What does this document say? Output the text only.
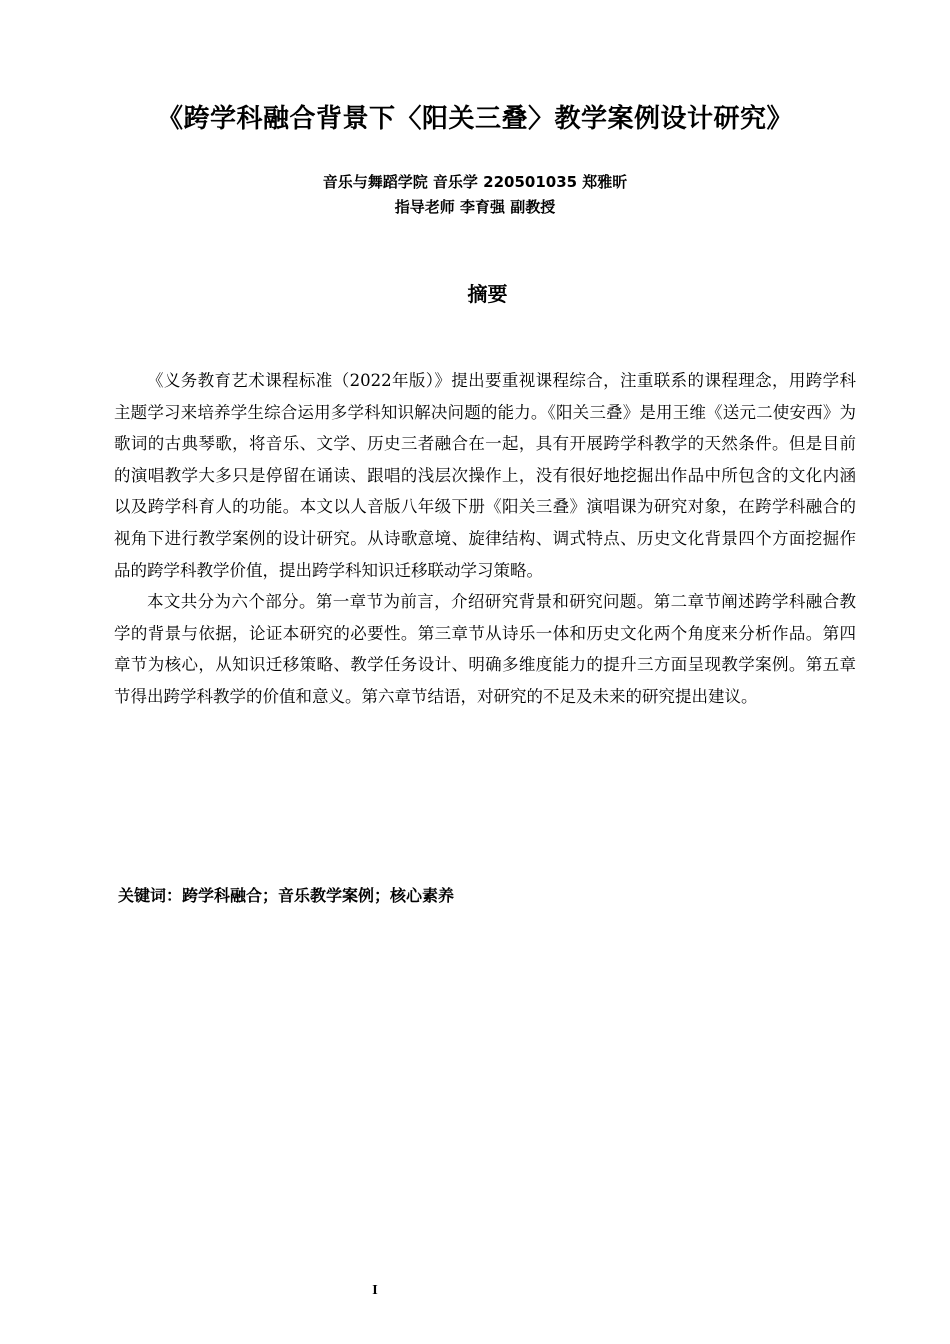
《跨学科融合背景下〈阳关三叠〉教学案例设计研究》
音乐与舞蹈学院 音乐学 220501035 郑雅昕
指导老师 李育强 副教授
摘要

《义务教育艺术课程标准（2022年版）》提出要重视课程综合，注重联系的课程理念，用跨学科主题学习来培养学生综合运用多学科知识解决问题的能力。《阳关三叠》是用王维《送元二使安西》为歌词的古典琴歌，将音乐、文学、历史三者融合在一起，具有开展跨学科教学的天然条件。但是目前的演唱教学大多只是停留在诵读、跟唱的浅层次操作上，没有很好地挖掘出作品中所包含的文化内涵以及跨学科育人的功能。本文以人音版八年级下册《阳关三叠》演唱课为研究对象，在跨学科融合的视角下进行教学案例的设计研究。从诗歌意境、旋律结构、调式特点、历史文化背景四个方面挖掘作品的跨学科教学价值，提出跨学科知识迁移联动学习策略。

本文共分为六个部分。第一章节为前言，介绍研究背景和研究问题。第二章节阐述跨学科融合教学的背景与依据，论证本研究的必要性。第三章节从诗乐一体和历史文化两个角度来分析作品。第四章节为核心，从知识迁移策略、教学任务设计、明确多维度能力的提升三方面呈现教学案例。第五章节得出跨学科教学的价值和意义。第六章节结语，对研究的不足及未来的研究提出建议。

关键词：跨学科融合；音乐教学案例；核心素养
I
